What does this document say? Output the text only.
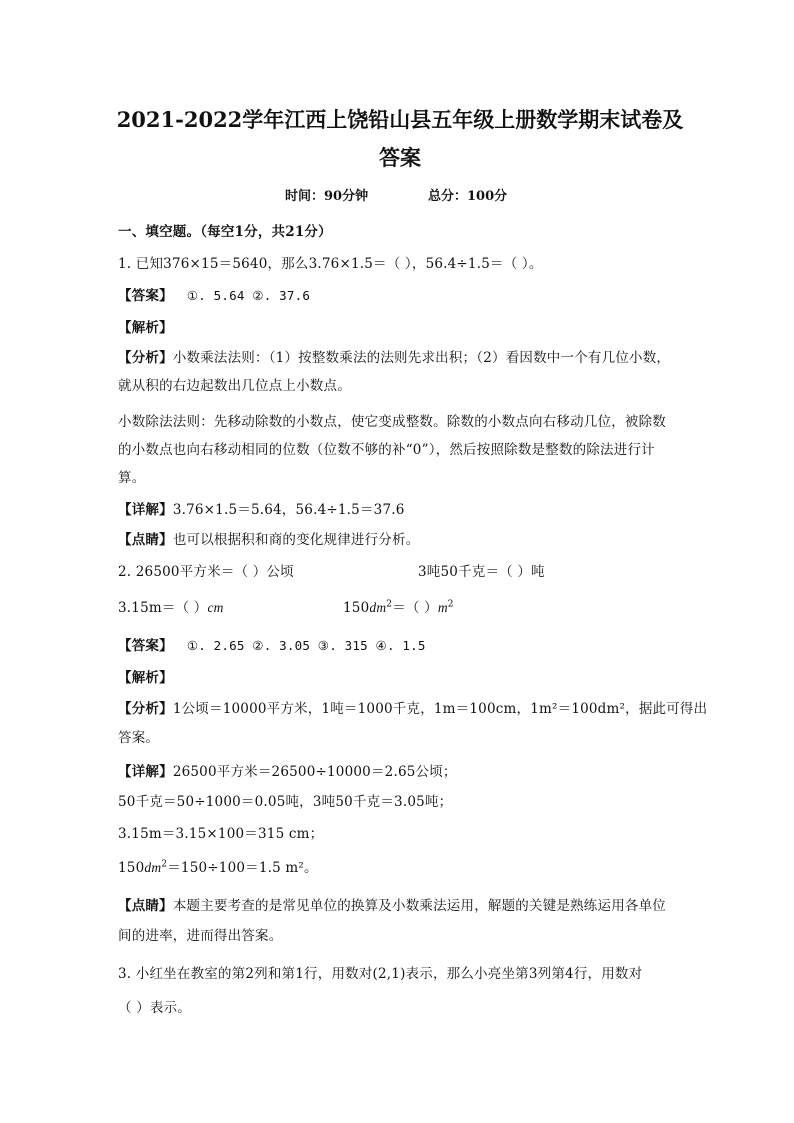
2021-2022学年江西上饶铅山县五年级上册数学期末试卷及
答案
时间：90分钟	总分：100分
一、填空题。（每空1分，共21分）
1. 已知376×15＝5640，那么3.76×1.5＝（ ），56.4÷1.5＝（ ）。
【答案】 ①. 5.64 ②. 37.6
【解析】
【分析】小数乘法法则：（1）按整数乘法的法则先求出积；（2）看因数中一个有几位小数，
就从积的右边起数出几位点上小数点。
小数除法法则：先移动除数的小数点，使它变成整数。除数的小数点向右移动几位，被除数
的小数点也向右移动相同的位数（位数不够的补“0”），然后按照除数是整数的除法进行计
算。
【详解】3.76×1.5＝5.64，56.4÷1.5＝37.6
【点睛】也可以根据积和商的变化规律进行分析。
2. 26500平方米＝（ ）公顷	3吨50千克＝（ ）吨
3.15m＝（ ）cm	$150dm^2=$（ ）$m^2$
【答案】 ①. 2.65 ②. 3.05 ③. 315 ④. 1.5
【解析】
【分析】1公顷＝10000平方米，1吨＝1000千克，1m＝100cm，1m²＝100dm²，据此可得出
答案。
【详解】26500平方米＝26500÷10000＝2.65公顷；
50千克＝50÷1000＝0.05吨，3吨50千克＝3.05吨；
3.15m＝3.15×100＝315 cm；
$150dm^2=150\div 100=1.5$ m²。
【点睛】本题主要考查的是常见单位的换算及小数乘法运用，解题的关键是熟练运用各单位
间的进率，进而得出答案。
3. 小红坐在教室的第2列和第1行，用数对(2,1)表示，那么小亮坐第3列第4行，用数对
（ ）表示。
